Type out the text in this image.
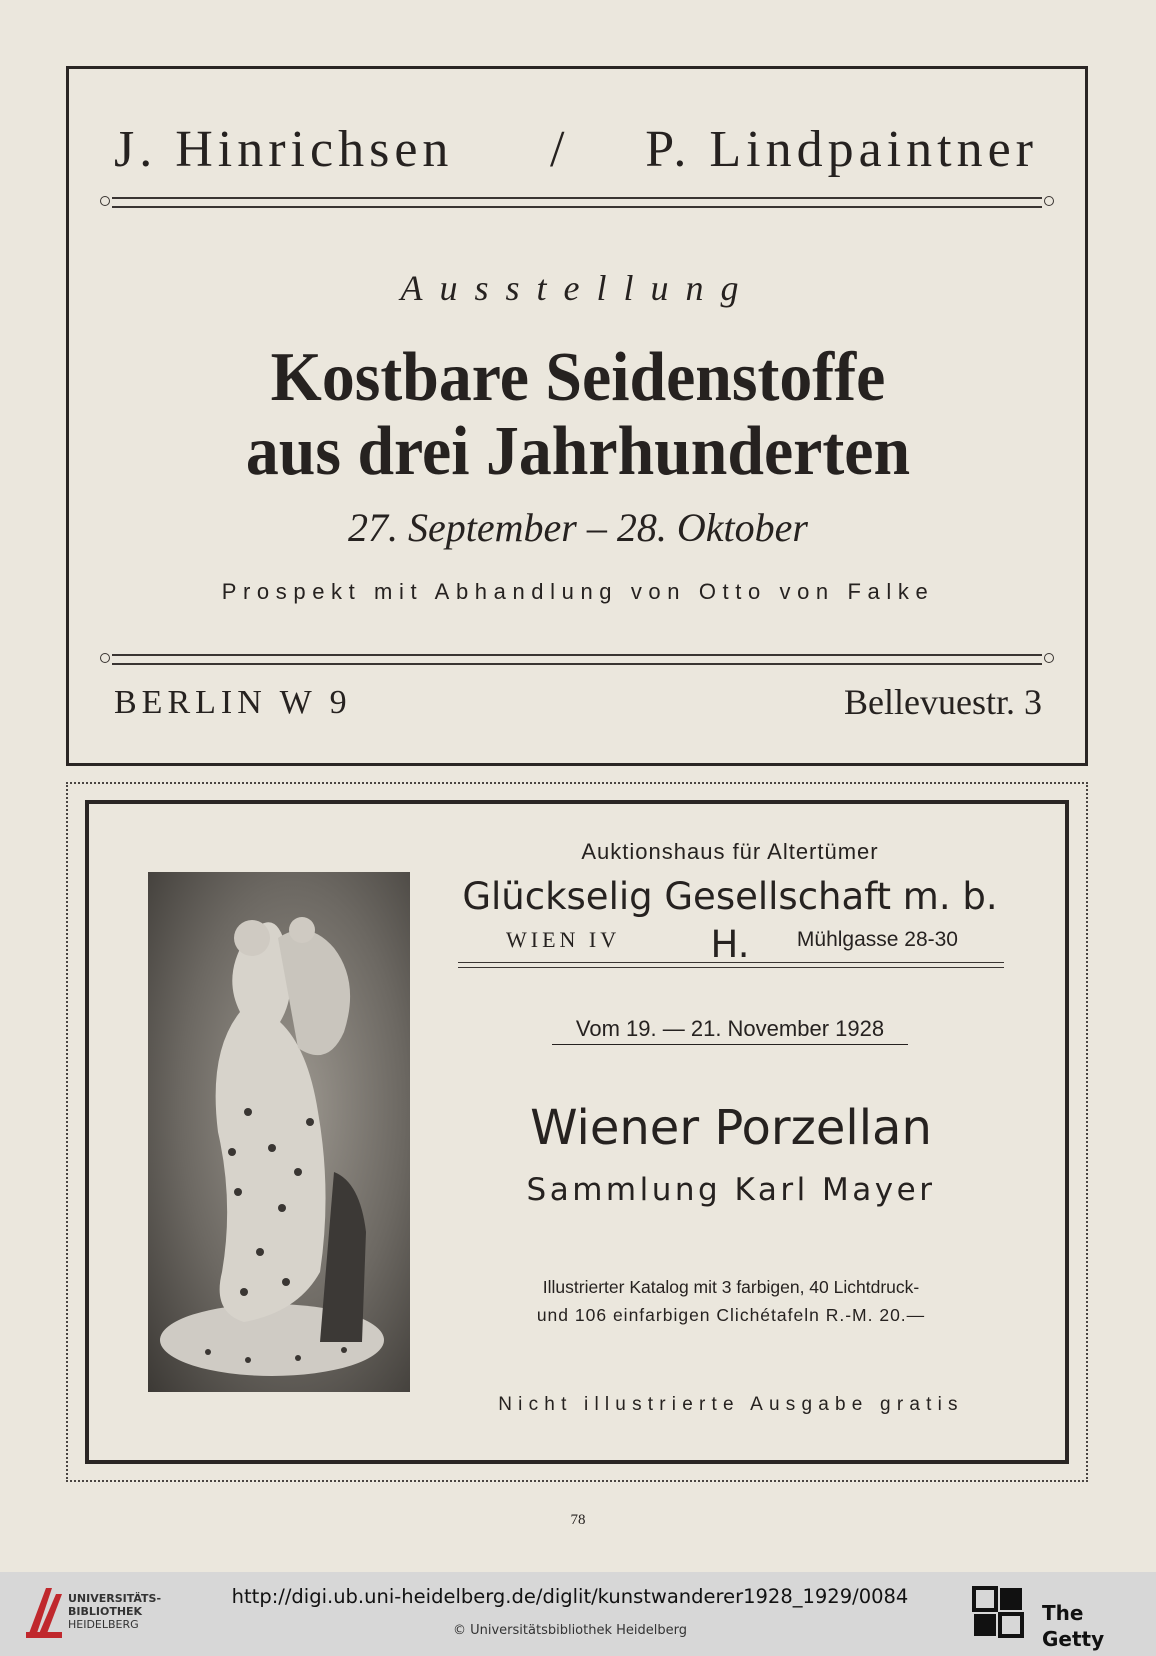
J. Hinrichsen / P. Lindpaintner
Ausstellung
Kostbare Seidenstoffe
aus drei Jahrhunderten
27. September – 28. Oktober
Prospekt mit Abhandlung von Otto von Falke
BERLIN W 9	Bellevuestr. 3
Auktionshaus für Altertümer
Glückselig Gesellschaft m. b. H.
WIEN IV	Mühlgasse 28-30
Vom 19. — 21. November 1928
Wiener Porzellan
Sammlung Karl Mayer
Illustrierter Katalog mit 3 farbigen, 40 Lichtdruck-
und 106 einfarbigen Clichétafeln R.-M. 20.—
Nicht illustrierte Ausgabe gratis
78
UNIVERSITÄTS-
BIBLIOTHEK
HEIDELBERG
http://digi.ub.uni-heidelberg.de/diglit/kunstwanderer1928_1929/0084
© Universitätsbibliothek Heidelberg
The Getty
